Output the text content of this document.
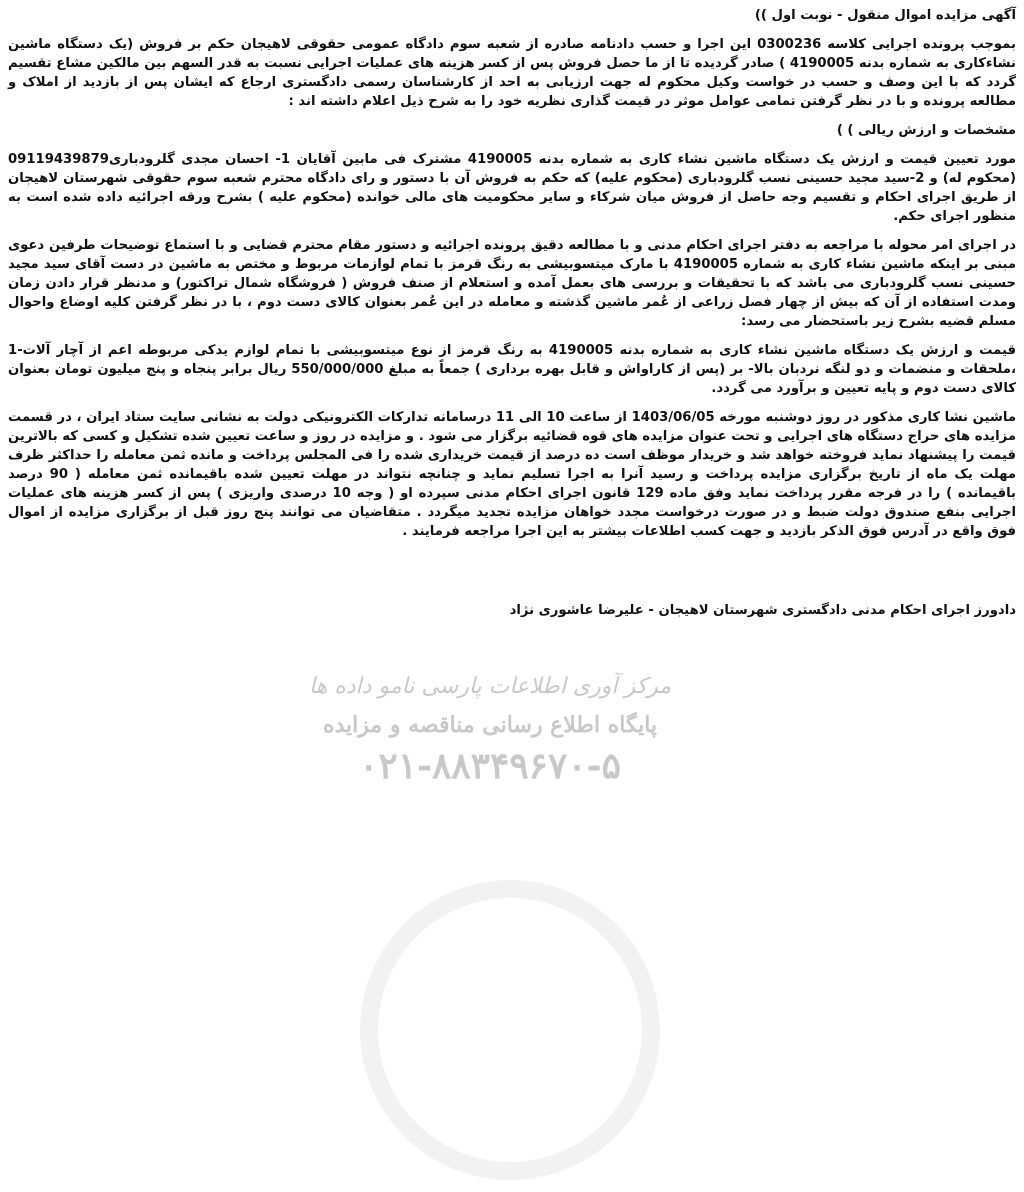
مرکز آوری اطلاعات پارسی نامو داده ها
پایگاه اطلاع رسانی مناقصه و مزایده
۰۲۱-۸۸۳۴۹۶۷۰-۵

آگهی مزایده اموال منقول - نوبت اول ))

بموجب پرونده اجرایی کلاسه 0300236 این اجرا و حسب دادنامه صادره از شعبه سوم دادگاه عمومی حقوقی لاهیجان حکم بر فروش (یک دستگاه ماشین نشاءکاری به شماره بدنه 4190005 ) صادر گردیده تا از ما حصل فروش پس از کسر هزینه های عملیات اجرایی نسبت به قدر السهم بین مالکین مشاع تقسیم گردد که با این وصف و حسب در خواست وکیل محکوم له جهت ارزیابی به احد از کارشناسان رسمی دادگستری ارجاع که ایشان پس از بازدید از املاک و مطالعه پرونده و با در نظر گرفتن تمامی عوامل موثر در قیمت گذاری نظریه خود را به شرح ذیل اعلام داشته اند :

مشخصات و ارزش ریالی ) )

مورد تعیین قیمت و ارزش یک دستگاه ماشین نشاء کاری به شماره بدنه 4190005 مشترک فی مابین آقایان 1- احسان مجدی گلرودباری09119439879 (محکوم له) و 2-سید مجید حسینی نسب گلرودباری (محکوم علیه) که حکم به فروش آن با دستور و رای دادگاه محترم شعبه سوم حقوقی شهرستان لاهیجان از طریق اجرای احکام و تقسیم وجه حاصل از فروش میان شرکاء و سایر محکومیت های مالی خوانده (محکوم علیه ) بشرح ورقه اجرائیه داده شده است به منظور اجرای حکم.

در اجرای امر محوله با مراجعه به دفتر اجرای احکام مدنی و با مطالعه دقیق پرونده اجرائیه و دستور مقام محترم قضایی و با استماع توضیحات طرفین دعوی مبنی بر اینکه ماشین نشاء کاری به شماره 4190005 با مارک میتسوبیشی به رنگ قرمز با تمام لوازمات مربوط و مختص به ماشین در دست آقای سید مجید حسینی نسب گلرودباری می باشد که با تحقیقات و بررسی های بعمل آمده و استعلام از صنف فروش ( فروشگاه شمال تراکتور) و مدنظر قرار دادن زمان ومدت استفاده از آن که بیش از چهار فصل زراعی از عُمر ماشین گذشته و معامله در این عُمر بعنوان کالای دست دوم ، با در نظر گرفتن کلیه اوضاع واحوال مسلم قضیه بشرح زیر باستحضار می رسد:

قیمت و ارزش یک دستگاه ماشین نشاء کاری به شماره بدنه 4190005 به رنگ قرمز از نوع میتسوبیشی با تمام لوازم یدکی مربوطه اعم از آچار آلات-1 ،ملحقات و منضمات و دو لنگه نردبان بالا- بر (پس از کاراواش و قابل بهره برداری ) جمعاً به مبلغ 550/000/000 ریال برابر پنجاه و پنج میلیون تومان بعنوان کالای دست دوم و پایه تعیین و برآورد می گردد.

ماشین نشا کاری مذکور در روز دوشنبه مورخه 1403/06/05 از ساعت 10 الی 11 درسامانه تدارکات الکترونیکی دولت به نشانی سایت ستاد ایران ، در قسمت مزایده های حراج دستگاه های اجرایی و تحت عنوان مزایده های قوه قضائیه برگزار می شود . و مزایده در روز و ساعت تعیین شده تشکیل و کسی که بالاترین قیمت را پیشنهاد نماید فروخته خواهد شد و خریدار موظف است ده درصد از قیمت خریداری شده را فی المجلس پرداخت و مانده ثمن معامله را حداکثر ظرف مهلت یک ماه از تاریخ برگزاری مزایده پرداخت و رسید آنرا به اجرا تسلیم نماید و چنانچه نتواند در مهلت تعیین شده باقیمانده ثمن معامله ( 90 درصد باقیمانده ) را در فرجه مقرر پرداخت نماید وفق ماده 129 قانون اجرای احکام مدنی سپرده او ( وجه 10 درصدی واریزی ) پس از کسر هزینه های عملیات اجرایی بنفع صندوق دولت ضبط و در صورت درخواست مجدد خواهان مزایده تجدید میگردد . متقاضیان می توانند پنج روز قبل از برگزاری مزایده از اموال فوق واقع در آدرس فوق الذکر بازدید و جهت کسب اطلاعات بیشتر به این اجرا مراجعه فرمایند .

دادورز اجرای احکام مدنی دادگستری شهرستان لاهیجان - علیرضا عاشوری نژاد
